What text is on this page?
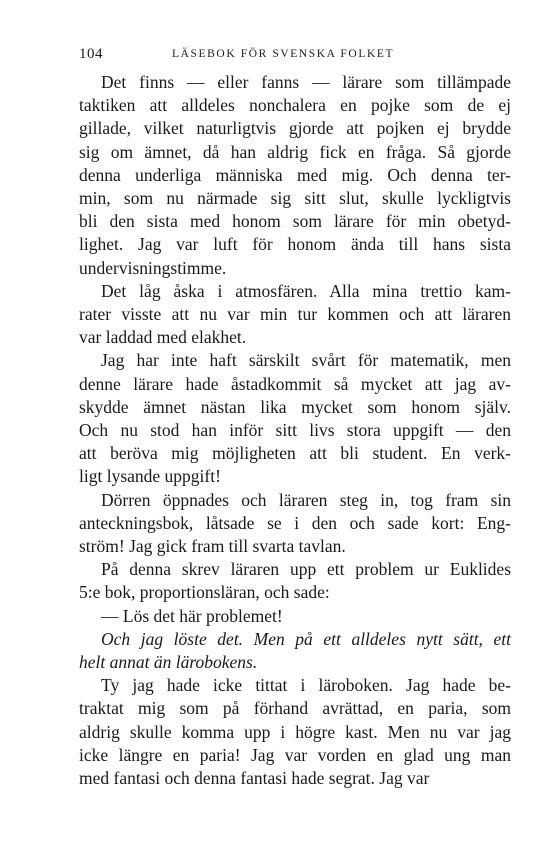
104	LÄSEBOK FÖR SVENSKA FOLKET

Det finns — eller fanns — lärare som tillämpade
taktiken att alldeles nonchalera en pojke som de ej
gillade, vilket naturligtvis gjorde att pojken ej brydde
sig om ämnet, då han aldrig fick en fråga. Så gjorde
denna underliga människa med mig. Och denna ter-
min, som nu närmade sig sitt slut, skulle lyckligtvis
bli den sista med honom som lärare för min obetyd-
lighet. Jag var luft för honom ända till hans sista
undervisningstimme.

Det låg åska i atmosfären. Alla mina trettio kam-
rater visste att nu var min tur kommen och att läraren
var laddad med elakhet.

Jag har inte haft särskilt svårt för matematik, men
denne lärare hade åstadkommit så mycket att jag av-
skydde ämnet nästan lika mycket som honom själv.
Och nu stod han inför sitt livs stora uppgift — den
att beröva mig möjligheten att bli student. En verk-
ligt lysande uppgift!

Dörren öppnades och läraren steg in, tog fram sin
anteckningsbok, låtsade se i den och sade kort: Eng-
ström! Jag gick fram till svarta tavlan.

På denna skrev läraren upp ett problem ur Euklides
5:e bok, proportionsläran, och sade:

— Lös det här problemet!

Och jag löste det. Men på ett alldeles nytt sätt, ett
helt annat än lärobokens.

Ty jag hade icke tittat i läroboken. Jag hade be-
traktat mig som på förhand avrättad, en paria, som
aldrig skulle komma upp i högre kast. Men nu var jag
icke längre en paria! Jag var vorden en glad ung man
med fantasi och denna fantasi hade segrat. Jag var
